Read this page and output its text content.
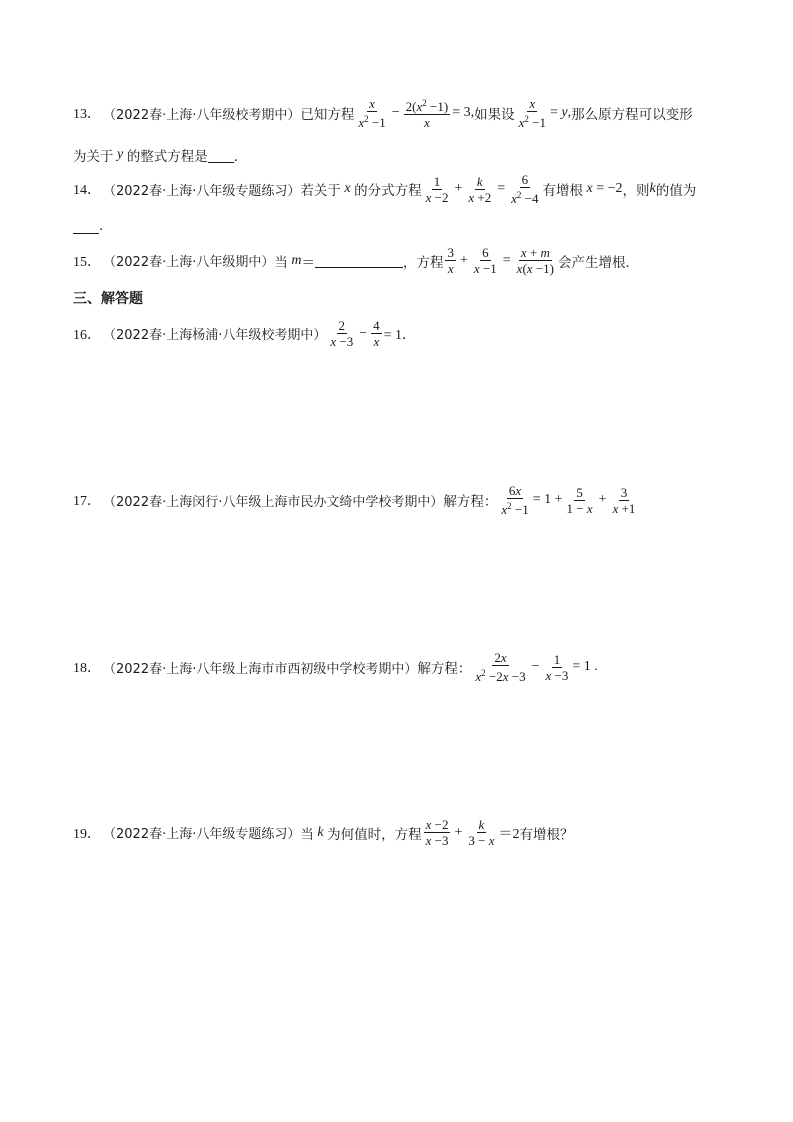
13． （2022春·上海·八年级校考期中） 已知方程 $\frac{x}{x^2 -1} - \frac{2(x^2 -1)}{x} = 3$, 如果设 $\frac{x}{x^2 -1} = y$, 那么原方程可以变形
为关于 y 的整式方程是 ．
14． （2022春·上海·八年级专题练习） 若关于 x 的分式方程 $\frac{1}{x -2} + \frac{k}{x +2} = \frac{6}{x^2 -4}$ 有增根 x = −2 ，则 k 的值为
.
15． （2022春·上海·八年级期中） 当 m ＝	，方程 $\frac{3}{x} + \frac{6}{x -1} = \frac{x + m}{x(x -1)}$ 会产生增根．
三、解答题
16． （2022春·上海杨浦·八年级校考期中） $\frac{2}{x -3} - \frac{4}{x} = 1$．
17． （2022春·上海闵行·八年级上海市民办文绮中学校考期中） 解方程： $\frac{6x}{x^2 -1} = 1 + \frac{5}{1 - x} + \frac{3}{x +1}$
18． （2022春·上海·八年级上海市市西初级中学校考期中） 解方程： $\frac{2x}{x^2 -2x -3} - \frac{1}{x -3} = 1$ .
19． （2022春·上海·八年级专题练习） 当 k 为何值时，方程 $\frac{x -2}{x -3} + \frac{k}{3 - x} =2$ 有增根？
